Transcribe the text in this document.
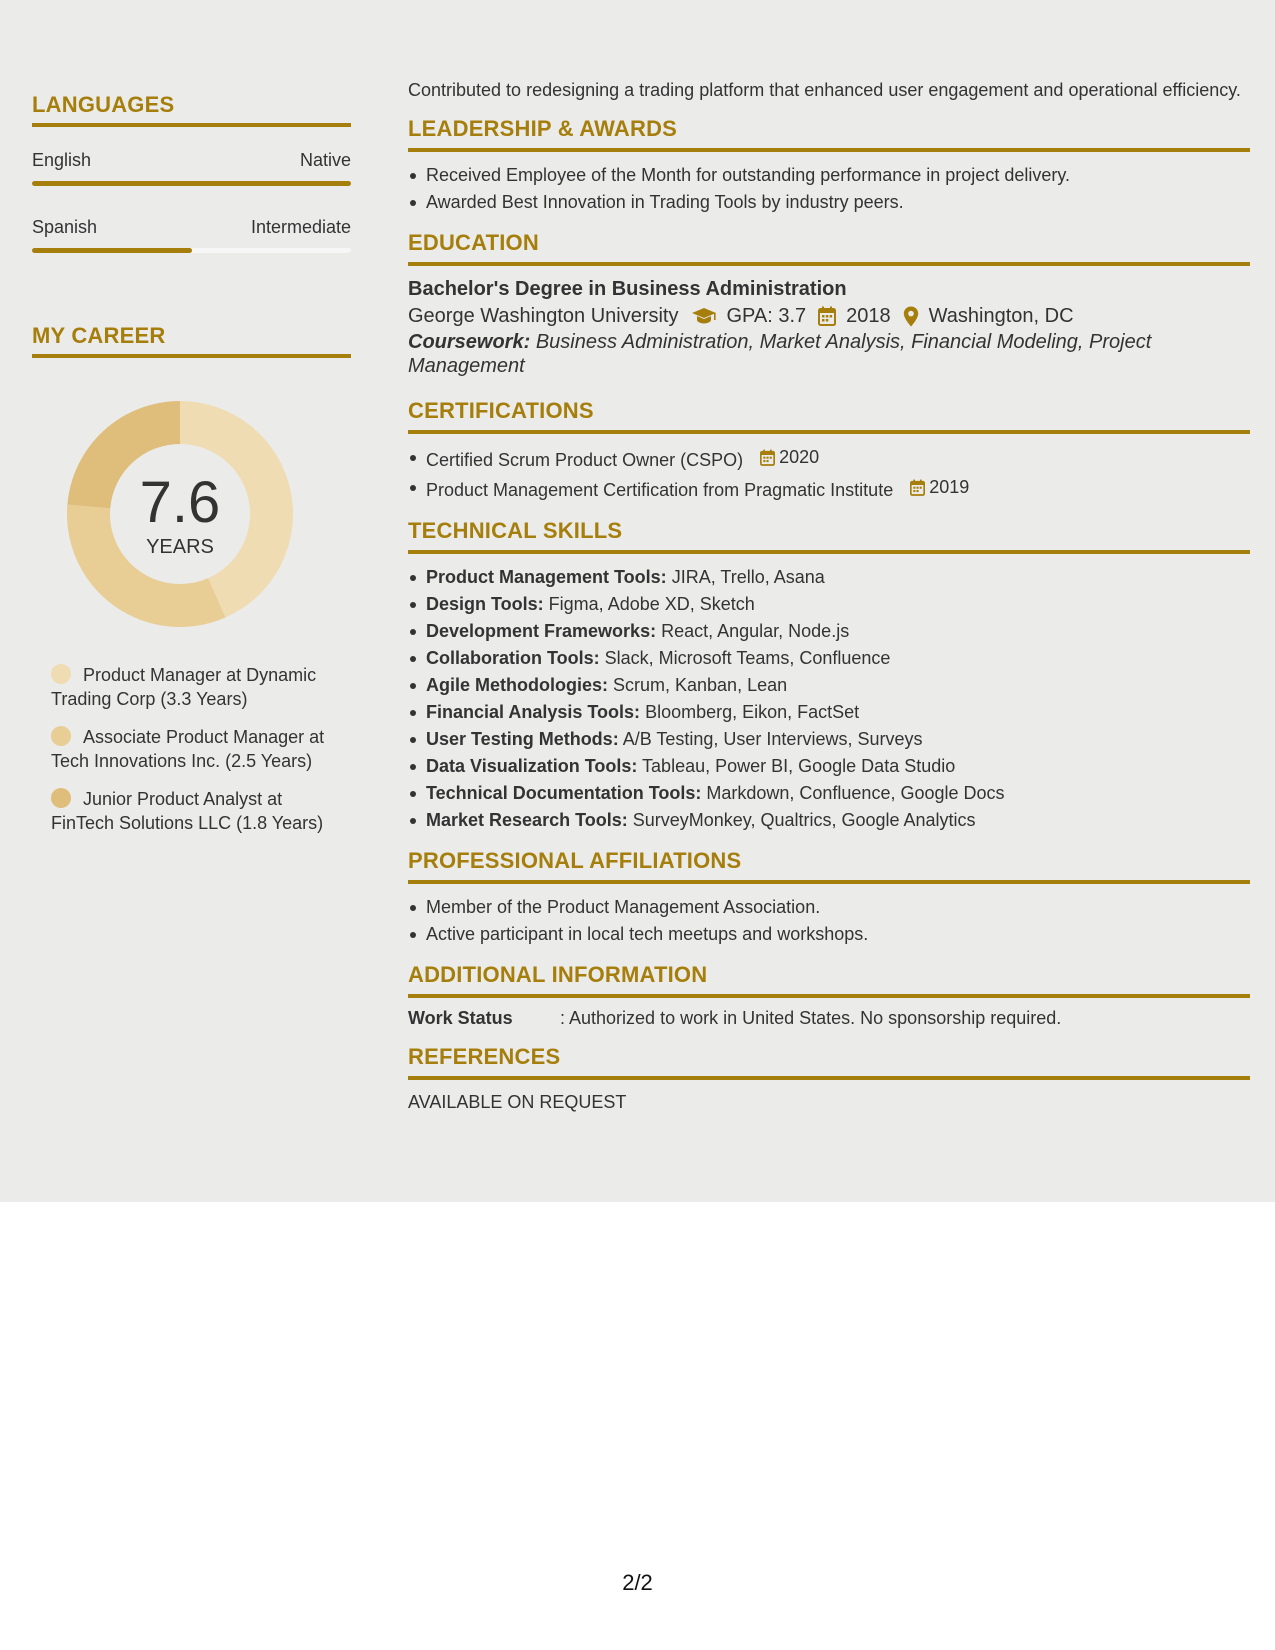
LANGUAGES
English	Native
Spanish	Intermediate
MY CAREER
7.6
YEARS
Product Manager at Dynamic Trading Corp (3.3 Years)
Associate Product Manager at Tech Innovations Inc. (2.5 Years)
Junior Product Analyst at FinTech Solutions LLC (1.8 Years)
Contributed to redesigning a trading platform that enhanced user engagement and operational efficiency.
LEADERSHIP & AWARDS
Received Employee of the Month for outstanding performance in project delivery.
Awarded Best Innovation in Trading Tools by industry peers.
EDUCATION
Bachelor's Degree in Business Administration
George Washington University GPA: 3.7 2018 Washington, DC
Coursework: Business Administration, Market Analysis, Financial Modeling, Project Management
CERTIFICATIONS
Certified Scrum Product Owner (CSPO) 2020
Product Management Certification from Pragmatic Institute 2019
TECHNICAL SKILLS
Product Management Tools: JIRA, Trello, Asana
Design Tools: Figma, Adobe XD, Sketch
Development Frameworks: React, Angular, Node.js
Collaboration Tools: Slack, Microsoft Teams, Confluence
Agile Methodologies: Scrum, Kanban, Lean
Financial Analysis Tools: Bloomberg, Eikon, FactSet
User Testing Methods: A/B Testing, User Interviews, Surveys
Data Visualization Tools: Tableau, Power BI, Google Data Studio
Technical Documentation Tools: Markdown, Confluence, Google Docs
Market Research Tools: SurveyMonkey, Qualtrics, Google Analytics
PROFESSIONAL AFFILIATIONS
Member of the Product Management Association.
Active participant in local tech meetups and workshops.
ADDITIONAL INFORMATION
Work Status	: Authorized to work in United States. No sponsorship required.
REFERENCES
AVAILABLE ON REQUEST
2/2
